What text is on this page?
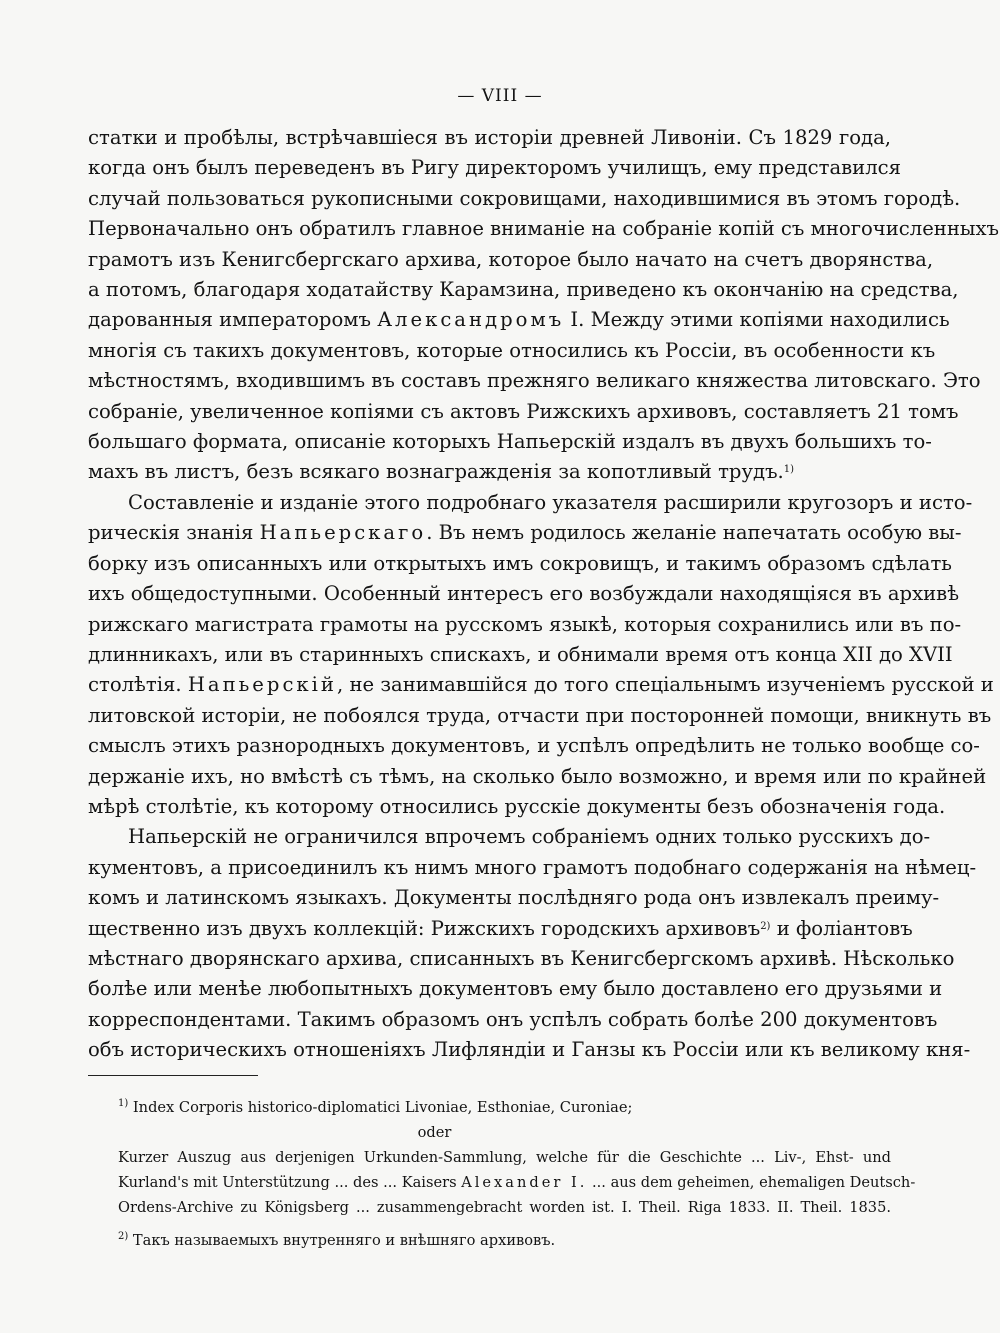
— VIII —
статки и пробѣлы, встрѣчавшіеся въ исторіи древней Ливоніи. Съ 1829 года,
когда онъ былъ переведенъ въ Ригу директоромъ училищъ, ему представился
случай пользоваться рукописными сокровищами, находившимися въ этомъ городѣ.
Первоначально онъ обратилъ главное вниманіе на собраніе копій съ многочисленныхъ
грамотъ изъ Кенигсбергскаго архива, которое было начато на счетъ дворянства,
а потомъ, благодаря ходатайству Карамзина, приведено къ окончанію на средства,
дарованныя императоромъ Александромъ I. Между этими копіями находились
многія съ такихъ документовъ, которые относились къ Россіи, въ особенности къ
мѣстностямъ, входившимъ въ составъ прежняго великаго княжества литовскаго. Это
собраніе, увеличенное копіями съ актовъ Рижскихъ архивовъ, составляетъ 21 томъ
большаго формата, описаніе которыхъ Напьерскій издалъ въ двухъ большихъ то-
махъ въ листъ, безъ всякаго вознагражденія за копотливый трудъ.$^{1)}$
Составленіе и изданіе этого подробнаго указателя расширили кругозоръ и исто-
рическія знанія Напьерскаго. Въ немъ родилось желаніе напечатать особую вы-
борку изъ описанныхъ или открытыхъ имъ сокровищъ, и такимъ образомъ сдѣлать
ихъ общедоступными. Особенный интересъ его возбуждали находящіяся въ архивѣ
рижскаго магистрата грамоты на русскомъ языкѣ, которыя сохранились или въ по-
длинникахъ, или въ старинныхъ спискахъ, и обнимали время отъ конца XII до XVII
столѣтія. Напьерскій, не занимавшійся до того спеціальнымъ изученіемъ русской и
литовской исторіи, не побоялся труда, отчасти при посторонней помощи, вникнуть въ
смыслъ этихъ разнородныхъ документовъ, и успѣлъ опредѣлить не только вообще со-
держаніе ихъ, но вмѣстѣ съ тѣмъ, на сколько было возможно, и время или по крайней
мѣрѣ столѣтіе, къ которому относились русскіе документы безъ обозначенія года.
Напьерскій не ограничился впрочемъ собраніемъ одних только русскихъ до-
кументовъ, а присоединилъ къ нимъ много грамотъ подобнаго содержанія на нѣмец-
комъ и латинскомъ языкахъ. Документы послѣдняго рода онъ извлекалъ преиму-
щественно изъ двухъ коллекцій: Рижскихъ городскихъ архивовъ$^{2)}$ и фоліантовъ
мѣстнаго дворянскаго архива, списанныхъ въ Кенигсбергскомъ архивѣ. Нѣсколько
болѣе или менѣе любопытныхъ документовъ ему было доставлено его друзьями и
корреспондентами. Такимъ образомъ онъ успѣлъ собрать болѣе 200 документовъ
объ историческихъ отношеніяхъ Лифляндіи и Ганзы къ Россіи или къ великому кня-
$^{1)}$ Index Corporis historico-diplomatici Livoniae, Esthoniae, Curoniae;
oder
Kurzer Auszug aus derjenigen Urkunden-Sammlung, welche für die Geschichte ... Liv-, Ehst- und
Kurland's mit Unterstützung ... des ... Kaisers Alexander I. ... aus dem geheimen, ehemaligen Deutsch-
Ordens-Archive zu Königsberg ... zusammengebracht worden ist. I. Theil. Riga 1833. II. Theil. 1835.
$^{2)}$ Такъ называемыхъ внутренняго и внѣшняго архивовъ.
